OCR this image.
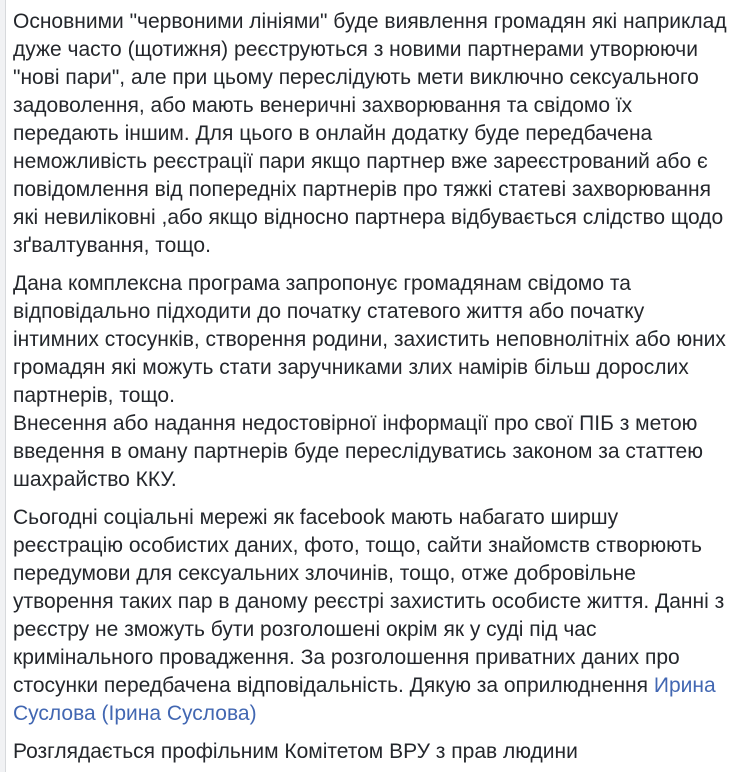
Основними "червоними лініями" буде виявлення громадян які наприклад
дуже часто (щотижня) реєструються з новими партнерами утворюючи
"нові пари", але при цьому переслідують мети виключно сексуального
задоволення, або мають венеричні захворювання та свідомо їх
передають іншим. Для цього в онлайн додатку буде передбачена
неможливість реєстрації пари якщо партнер вже зареєстрований або є
повідомлення від попередніх партнерів про тяжкі статеві захворювання
які невиліковні ,або якщо відносно партнера відбувається слідство щодо
зґвалтування, тощо.

Дана комплексна програма запропонує громадянам свідомо та
відповідально підходити до початку статевого життя або початку
інтимних стосунків, створення родини, захистить неповнолітніх або юних
громадян які можуть стати заручниками злих намірів більш дорослих
партнерів, тощо.
Внесення або надання недостовірної інформації про свої ПІБ з метою
введення в оману партнерів буде переслідуватись законом за статтею
шахрайство ККУ.

Сьогодні соціальні мережі як facebook мають набагато ширшу
реєстрацію особистих даних, фото, тощо, сайти знайомств створюють
передумови для сексуальних злочинів, тощо, отже добровільне
утворення таких пар в даному реєстрі захистить особисте життя. Данні з
реєстру не зможуть бути розголошені окрім як у суді під час
кримінального провадження. За розголошення приватних даних про
стосунки передбачена відповідальність. Дякую за оприлюднення Ирина
Суслова (Ірина Суслова)

Розглядається профільним Комітетом ВРУ з прав людини
